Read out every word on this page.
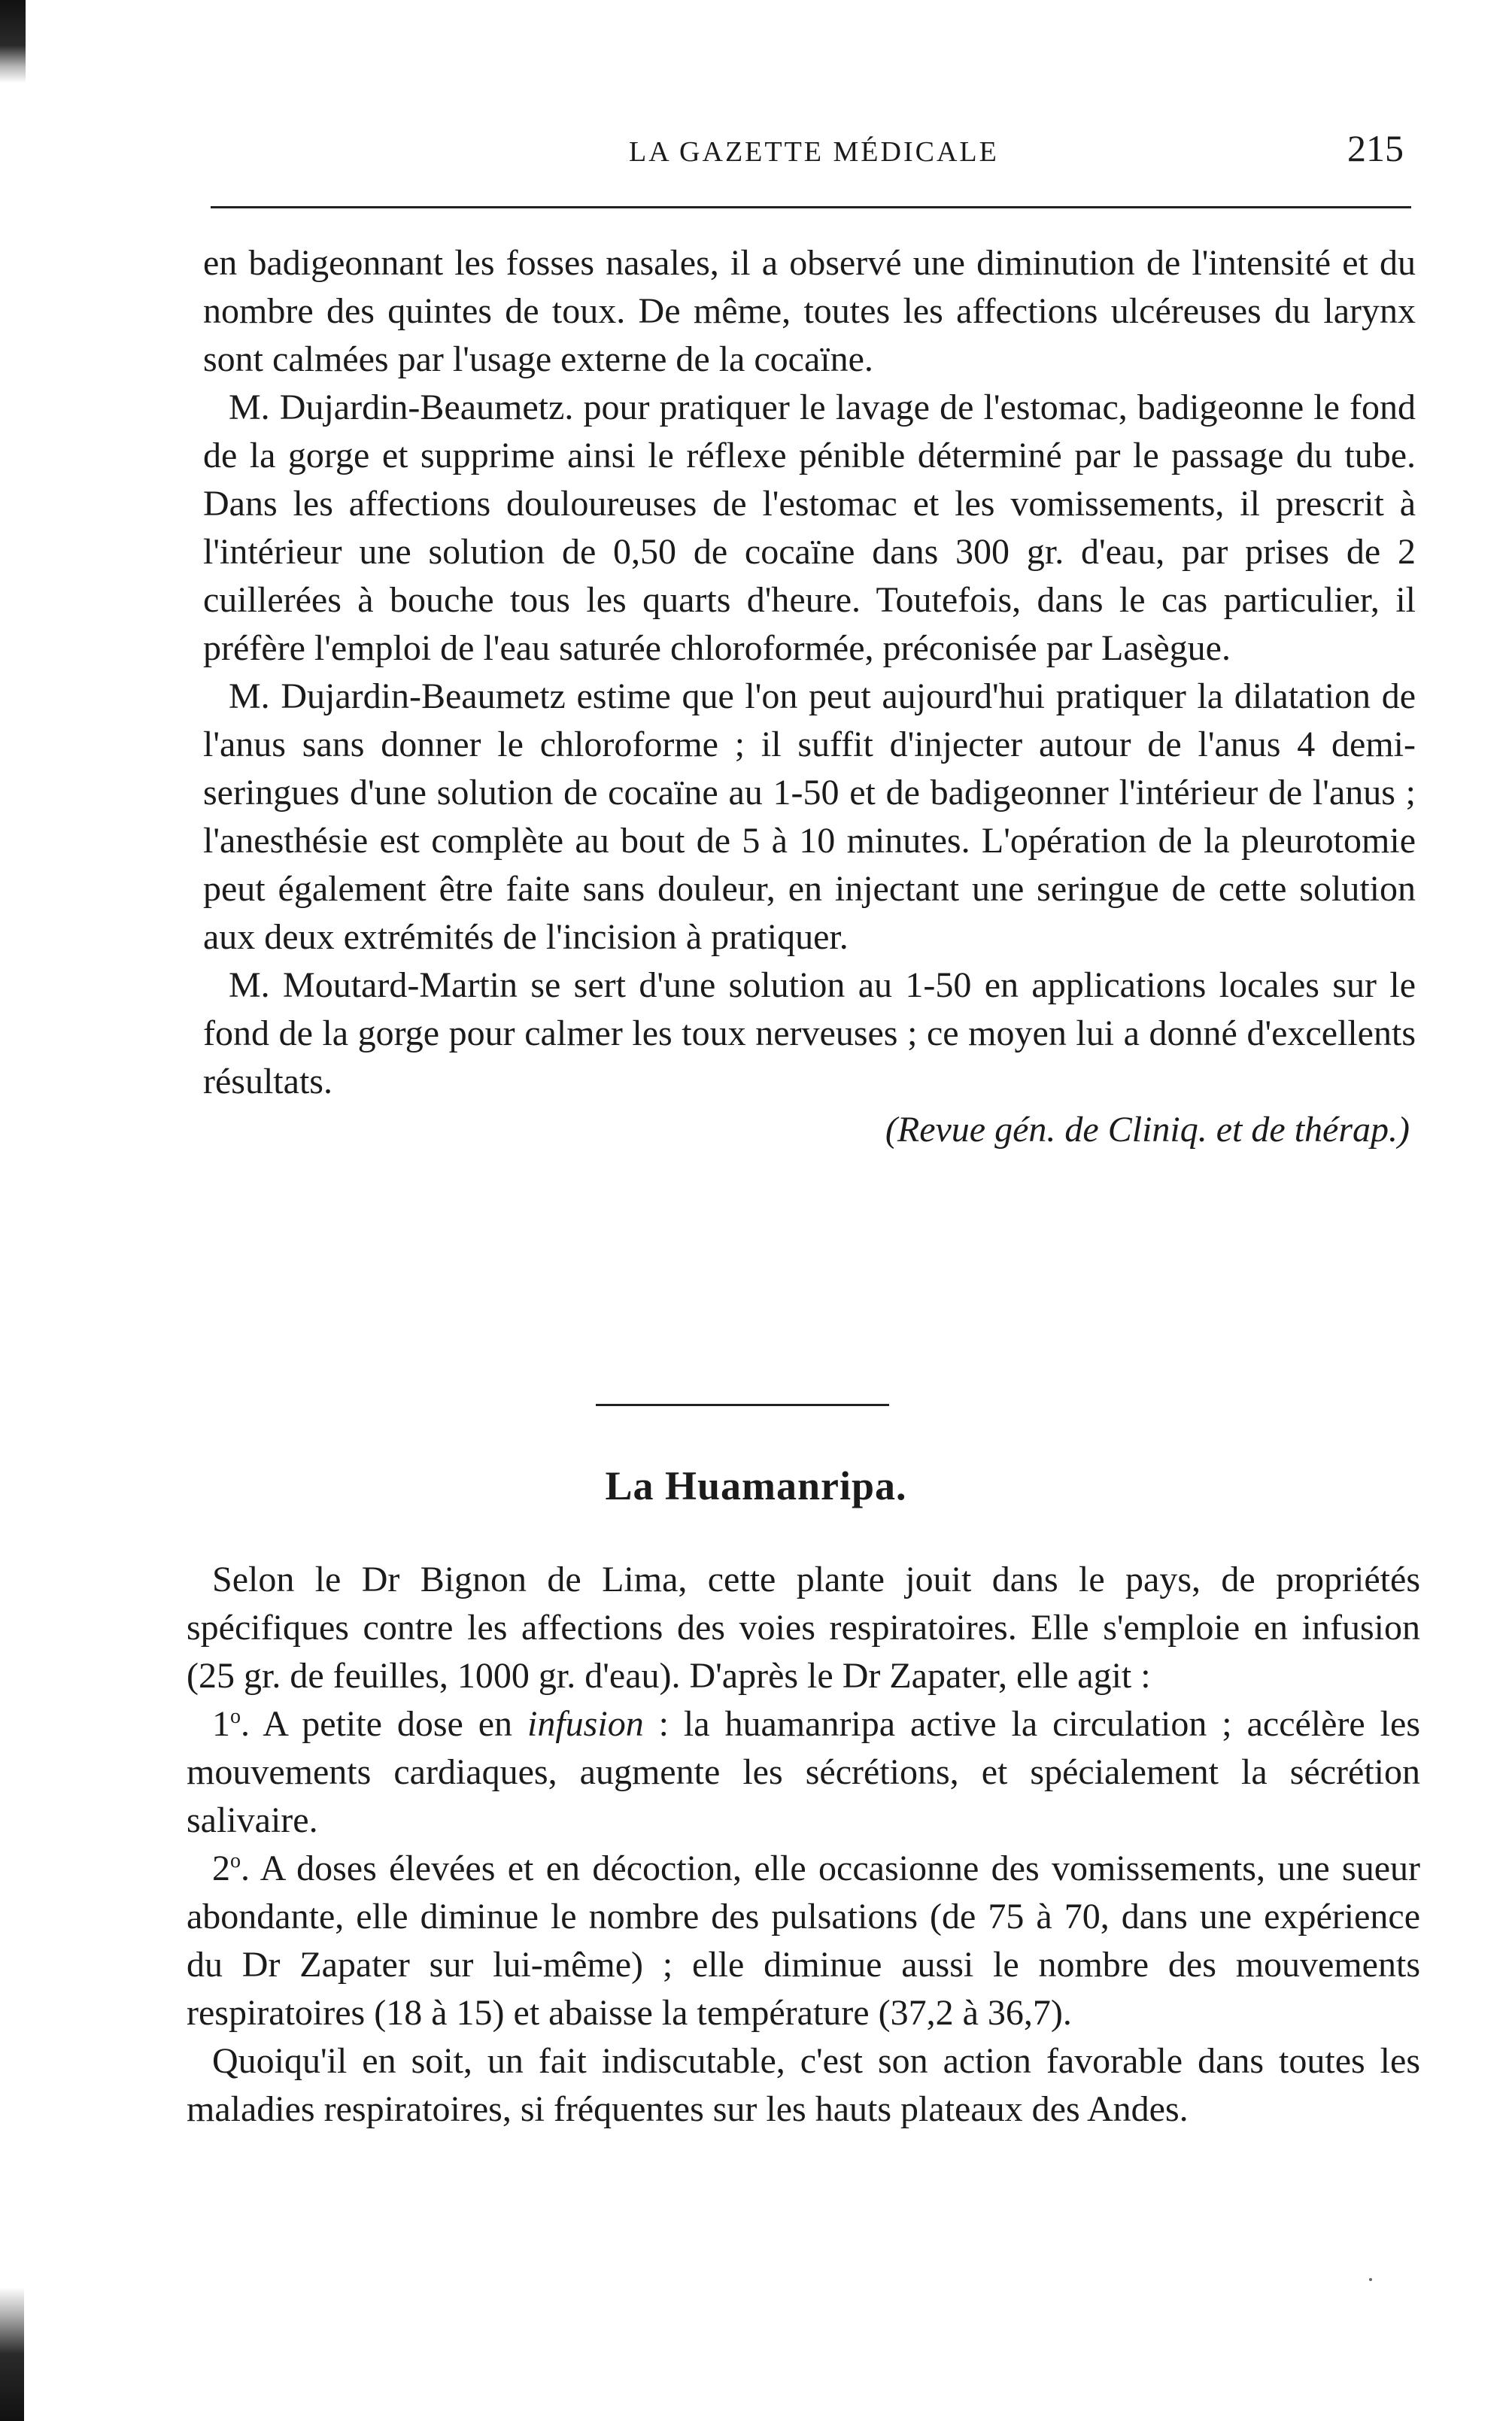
LA GAZETTE MÉDICALE	215

en badigeonnant les fosses nasales, il a observé une diminution de l'intensité et du nombre des quintes de toux. De même, toutes les affections ulcéreuses du larynx sont calmées par l'usage externe de la cocaïne.

M. Dujardin-Beaumetz. pour pratiquer le lavage de l'estomac, badigeonne le fond de la gorge et supprime ainsi le réflexe pénible déterminé par le passage du tube. Dans les affections douloureuses de l'estomac et les vomissements, il prescrit à l'intérieur une solution de 0,50 de cocaïne dans 300 gr. d'eau, par prises de 2 cuillerées à bouche tous les quarts d'heure. Toutefois, dans le cas particulier, il préfère l'emploi de l'eau saturée chloroformée, préconisée par Lasègue.

M. Dujardin-Beaumetz estime que l'on peut aujourd'hui pratiquer la dilatation de l'anus sans donner le chloroforme ; il suffit d'injecter autour de l'anus 4 demi-seringues d'une solution de cocaïne au 1-50 et de badigeonner l'intérieur de l'anus ; l'anesthésie est complète au bout de 5 à 10 minutes. L'opération de la pleurotomie peut également être faite sans douleur, en injectant une seringue de cette solution aux deux extrémités de l'incision à pratiquer.

M. Moutard-Martin se sert d'une solution au 1-50 en applications locales sur le fond de la gorge pour calmer les toux nerveuses ; ce moyen lui a donné d'excellents résultats.

(Revue gén. de Cliniq. et de thérap.)

La Huamanripa.

Selon le Dr Bignon de Lima, cette plante jouit dans le pays, de propriétés spécifiques contre les affections des voies respiratoires. Elle s'emploie en infusion (25 gr. de feuilles, 1000 gr. d'eau). D'après le Dr Zapater, elle agit :

1$^o$. A petite dose en infusion : la huamanripa active la circulation ; accélère les mouvements cardiaques, augmente les sécrétions, et spécialement la sécrétion salivaire.

2$^o$. A doses élevées et en décoction, elle occasionne des vomissements, une sueur abondante, elle diminue le nombre des pulsations (de 75 à 70, dans une expérience du Dr Zapater sur lui-même) ; elle diminue aussi le nombre des mouvements respiratoires (18 à 15) et abaisse la température (37,2 à 36,7).

Quoiqu'il en soit, un fait indiscutable, c'est son action favorable dans toutes les maladies respiratoires, si fréquentes sur les hauts plateaux des Andes.
